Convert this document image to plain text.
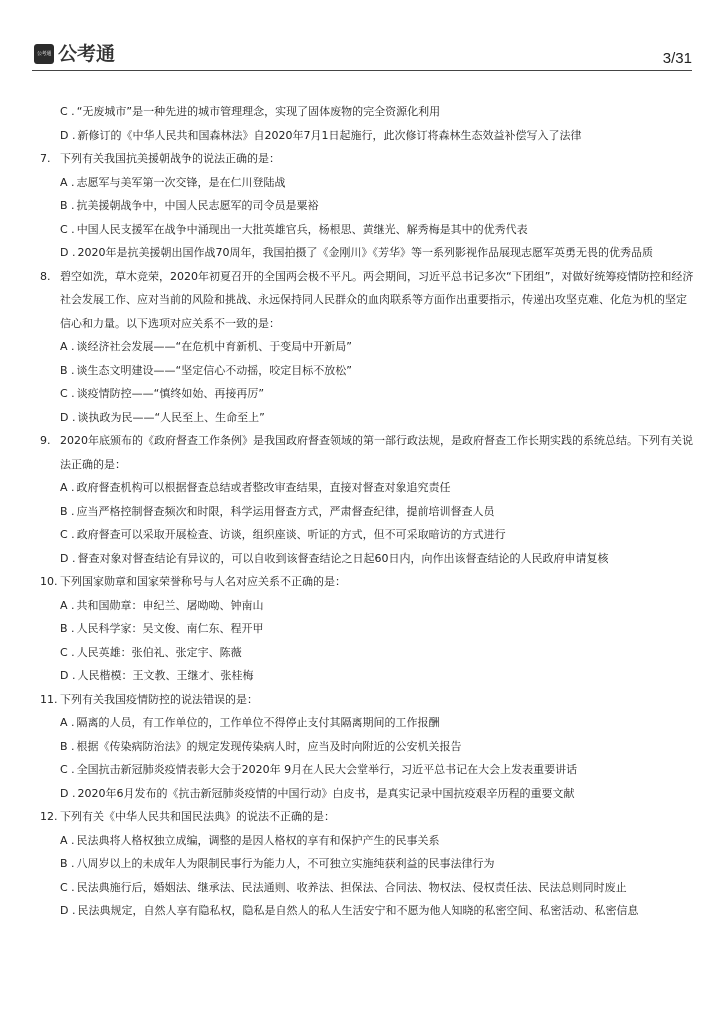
公考通 公考通	3/31
C . “无废城市”是一种先进的城市管理理念，实现了固体废物的完全资源化利用
D . 新修订的《中华人民共和国森林法》自2020年7月1日起施行，此次修订将森林生态效益补偿写入了法律
7. 下列有关我国抗美援朝战争的说法正确的是：
A . 志愿军与美军第一次交锋，是在仁川登陆战
B . 抗美援朝战争中，中国人民志愿军的司令员是粟裕
C . 中国人民支援军在战争中涌现出一大批英雄官兵，杨根思、黄继光、解秀梅是其中的优秀代表
D . 2020年是抗美援朝出国作战70周年，我国拍摄了《金刚川》《芳华》等一系列影视作品展现志愿军英勇无畏的优秀品质
8. 碧空如洗，草木竞荣，2020年初夏召开的全国两会极不平凡。两会期间，习近平总书记多次“下团组”，对做好统筹疫情防控和经济社会发展工作、应对当前的风险和挑战、永远保持同人民群众的血肉联系等方面作出重要指示，传递出攻坚克难、化危为机的坚定信心和力量。以下选项对应关系不一致的是：
A . 谈经济社会发展——“在危机中育新机、于变局中开新局”
B . 谈生态文明建设——“坚定信心不动摇，咬定目标不放松”
C . 谈疫情防控——“慎终如始、再接再厉”
D . 谈执政为民——“人民至上、生命至上”
9. 2020年底颁布的《政府督查工作条例》是我国政府督查领域的第一部行政法规，是政府督查工作长期实践的系统总结。下列有关说法正确的是：
A . 政府督查机构可以根据督查总结或者整改审查结果，直接对督查对象追究责任
B . 应当严格控制督查频次和时限，科学运用督查方式，严肃督查纪律，提前培训督查人员
C . 政府督查可以采取开展检查、访谈，组织座谈、听证的方式，但不可采取暗访的方式进行
D . 督查对象对督查结论有异议的，可以自收到该督查结论之日起60日内，向作出该督查结论的人民政府申请复核
10. 下列国家勋章和国家荣誉称号与人名对应关系不正确的是：
A . 共和国勋章：申纪兰、屠呦呦、钟南山
B . 人民科学家：吴文俊、南仁东、程开甲
C . 人民英雄：张伯礼、张定宇、陈薇
D . 人民楷模：王文教、王继才、张桂梅
11. 下列有关我国疫情防控的说法错误的是：
A . 隔离的人员，有工作单位的，工作单位不得停止支付其隔离期间的工作报酬
B . 根据《传染病防治法》的规定发现传染病人时，应当及时向附近的公安机关报告
C . 全国抗击新冠肺炎疫情表彰大会于2020年 9月在人民大会堂举行，习近平总书记在大会上发表重要讲话
D . 2020年6月发布的《抗击新冠肺炎疫情的中国行动》白皮书，是真实记录中国抗疫艰辛历程的重要文献
12. 下列有关《中华人民共和国民法典》的说法不正确的是：
A . 民法典将人格权独立成编，调整的是因人格权的享有和保护产生的民事关系
B . 八周岁以上的未成年人为限制民事行为能力人，不可独立实施纯获利益的民事法律行为
C . 民法典施行后，婚姻法、继承法、民法通则、收养法、担保法、合同法、物权法、侵权责任法、民法总则同时废止
D . 民法典规定，自然人享有隐私权，隐私是自然人的私人生活安宁和不愿为他人知晓的私密空间、私密活动、私密信息
